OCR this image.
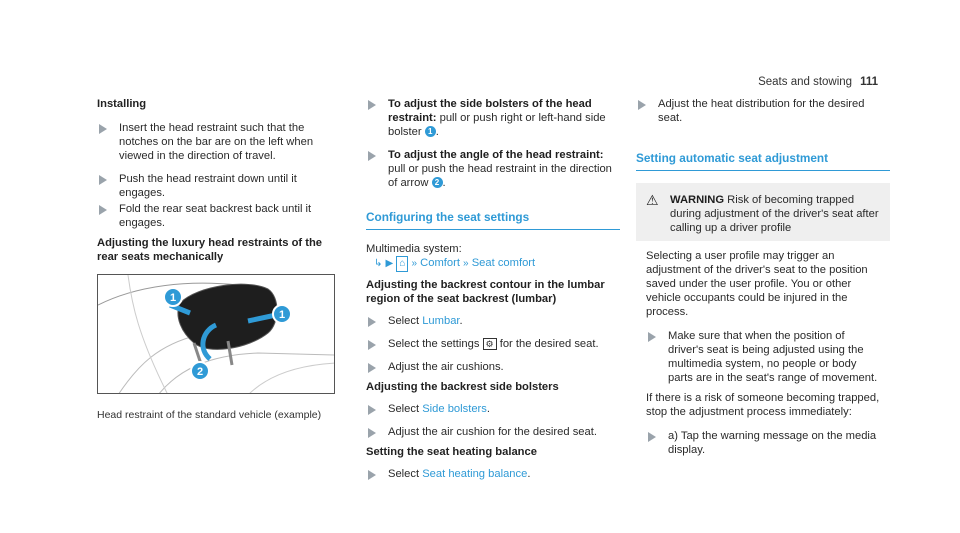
Seats and stowing 111
Installing
Insert the head restraint such that the notches on the bar are on the left when viewed in the direction of travel.
Push the head restraint down until it engages.
Fold the rear seat backrest back until it engages.
Adjusting the luxury head restraints of the rear seats mechanically
1
1
2
Head restraint of the standard vehicle (example)
To adjust the side bolsters of the head restraint: pull or push right or left-hand side bolster 1 .
To adjust the angle of the head restraint: pull or push the head restraint in the direction of arrow 2 .
Configuring the seat settings
Multimedia system:
↳ ▶ ⌂ » Comfort » Seat comfort
Adjusting the backrest contour in the lumbar region of the seat backrest (lumbar)
Select Lumbar.
Select the settings ⚙ for the desired seat.
Adjust the air cushions.
Adjusting the backrest side bolsters
Select Side bolsters.
Adjust the air cushion for the desired seat.
Setting the seat heating balance
Select Seat heating balance.
Adjust the heat distribution for the desired seat.
Setting automatic seat adjustment
⚠	WARNING Risk of becoming trapped during adjustment of the driver's seat after calling up a driver profile
Selecting a user profile may trigger an adjustment of the driver's seat to the position saved under the user profile. You or other vehicle occupants could be injured in the process.
Make sure that when the position of driver's seat is being adjusted using the multimedia system, no people or body parts are in the seat's range of movement.
If there is a risk of someone becoming trapped, stop the adjustment process immediately:
a) Tap the warning message on the media display.
